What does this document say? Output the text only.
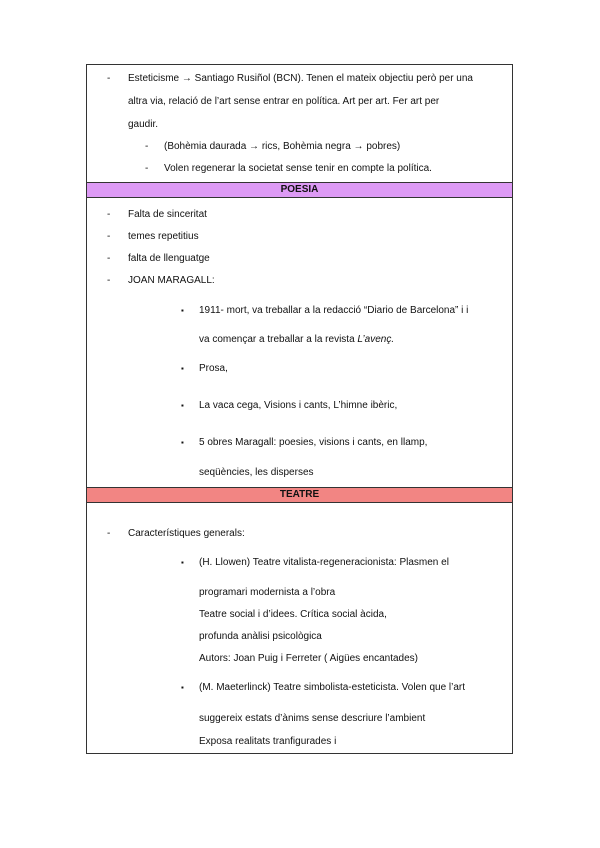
- Esteticisme → Santiago Rusiñol (BCN). Tenen el mateix objectiu però per una
altra via, relació de l’art sense entrar en política. Art per art. Fer art per
gaudir.
- (Bohèmia daurada → rics, Bohèmia negra → pobres)
- Volen regenerar la societat sense tenir en compte la política.
POESIA
- Falta de sinceritat
- temes repetitius
- falta de llenguatge
- JOAN MARAGALL:
▪ 1911- mort, va treballar a la redacció “Diario de Barcelona” i i
va començar a treballar a la revista L’avenç.
▪ Prosa,
▪ La vaca cega, Visions i cants, L’himne ibèric,
▪ 5 obres Maragall: poesies, visions i cants, en llamp,
seqüències, les disperses
TEATRE
- Característiques generals:
▪ (H. Llowen) Teatre vitalista-regeneracionista: Plasmen el
programari modernista a l’obra
Teatre social i d’idees. Crítica social àcida,
profunda anàlisi psicològica
Autors: Joan Puig i Ferreter ( Aigües encantades)
▪ (M. Maeterlinck) Teatre simbolista-esteticista. Volen que l’art
suggereix estats d’ànims sense descriure l’ambient
Exposa realitats tranfigurades i
